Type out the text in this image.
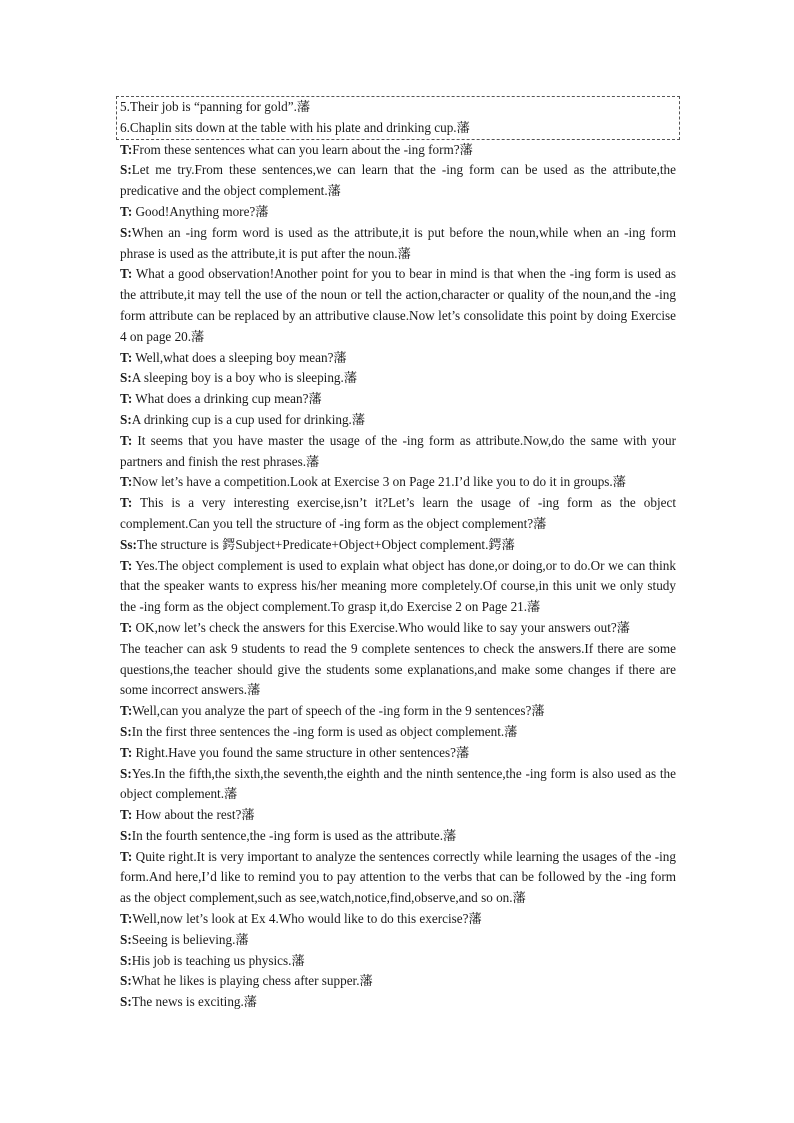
5.Their job is “panning for gold”.藩
6.Chaplin sits down at the table with his plate and drinking cup.藩

T:From these sentences what can you learn about the -ing form?藩

S:Let me try.From these sentences,we can learn that the -ing form can be used as the attribute,the predicative and the object complement.藩

T: Good!Anything more?藩

S:When an -ing form word is used as the attribute,it is put before the noun,while when an -ing form phrase is used as the attribute,it is put after the noun.藩

T: What a good observation!Another point for you to bear in mind is that when the -ing form is used as the attribute,it may tell the use of the noun or tell the action,character or quality of the noun,and the -ing form attribute can be replaced by an attributive clause.Now let’s consolidate this point by doing Exercise 4 on page 20.藩

T: Well,what does a sleeping boy mean?藩

S:A sleeping boy is a boy who is sleeping.藩

T: What does a drinking cup mean?藩

S:A drinking cup is a cup used for drinking.藩

T: It seems that you have master the usage of the -ing form as attribute.Now,do the same with your partners and finish the rest phrases.藩

T:Now let’s have a competition.Look at Exercise 3 on Page 21.I’d like you to do it in groups.藩

T: This is a very interesting exercise,isn’t it?Let’s learn the usage of -ing form as the object complement.Can you tell the structure of -ing form as the object complement?藩

Ss:The structure is 鍔Subject+Predicate+Object+Object complement.鍔藩

T: Yes.The object complement is used to explain what object has done,or doing,or to do.Or we can think that the speaker wants to express his/her meaning more completely.Of course,in this unit we only study the -ing form as the object complement.To grasp it,do Exercise 2 on Page 21.藩

T: OK,now let’s check the answers for this Exercise.Who would like to say your answers out?藩

The teacher can ask 9 students to read the 9 complete sentences to check the answers.If there are some questions,the teacher should give the students some explanations,and make some changes if there are some incorrect answers.藩

T:Well,can you analyze the part of speech of the -ing form in the 9 sentences?藩

S:In the first three sentences the -ing form is used as object complement.藩

T: Right.Have you found the same structure in other sentences?藩

S:Yes.In the fifth,the sixth,the seventh,the eighth and the ninth sentence,the -ing form is also used as the object complement.藩

T: How about the rest?藩

S:In the fourth sentence,the -ing form is used as the attribute.藩

T: Quite right.It is very important to analyze the sentences correctly while learning the usages of the -ing form.And here,I’d like to remind you to pay attention to the verbs that can be followed by the -ing form as the object complement,such as see,watch,notice,find,observe,and so on.藩

T:Well,now let’s look at Ex 4.Who would like to do this exercise?藩

S:Seeing is believing.藩

S:His job is teaching us physics.藩

S:What he likes is playing chess after supper.藩

S:The news is exciting.藩
